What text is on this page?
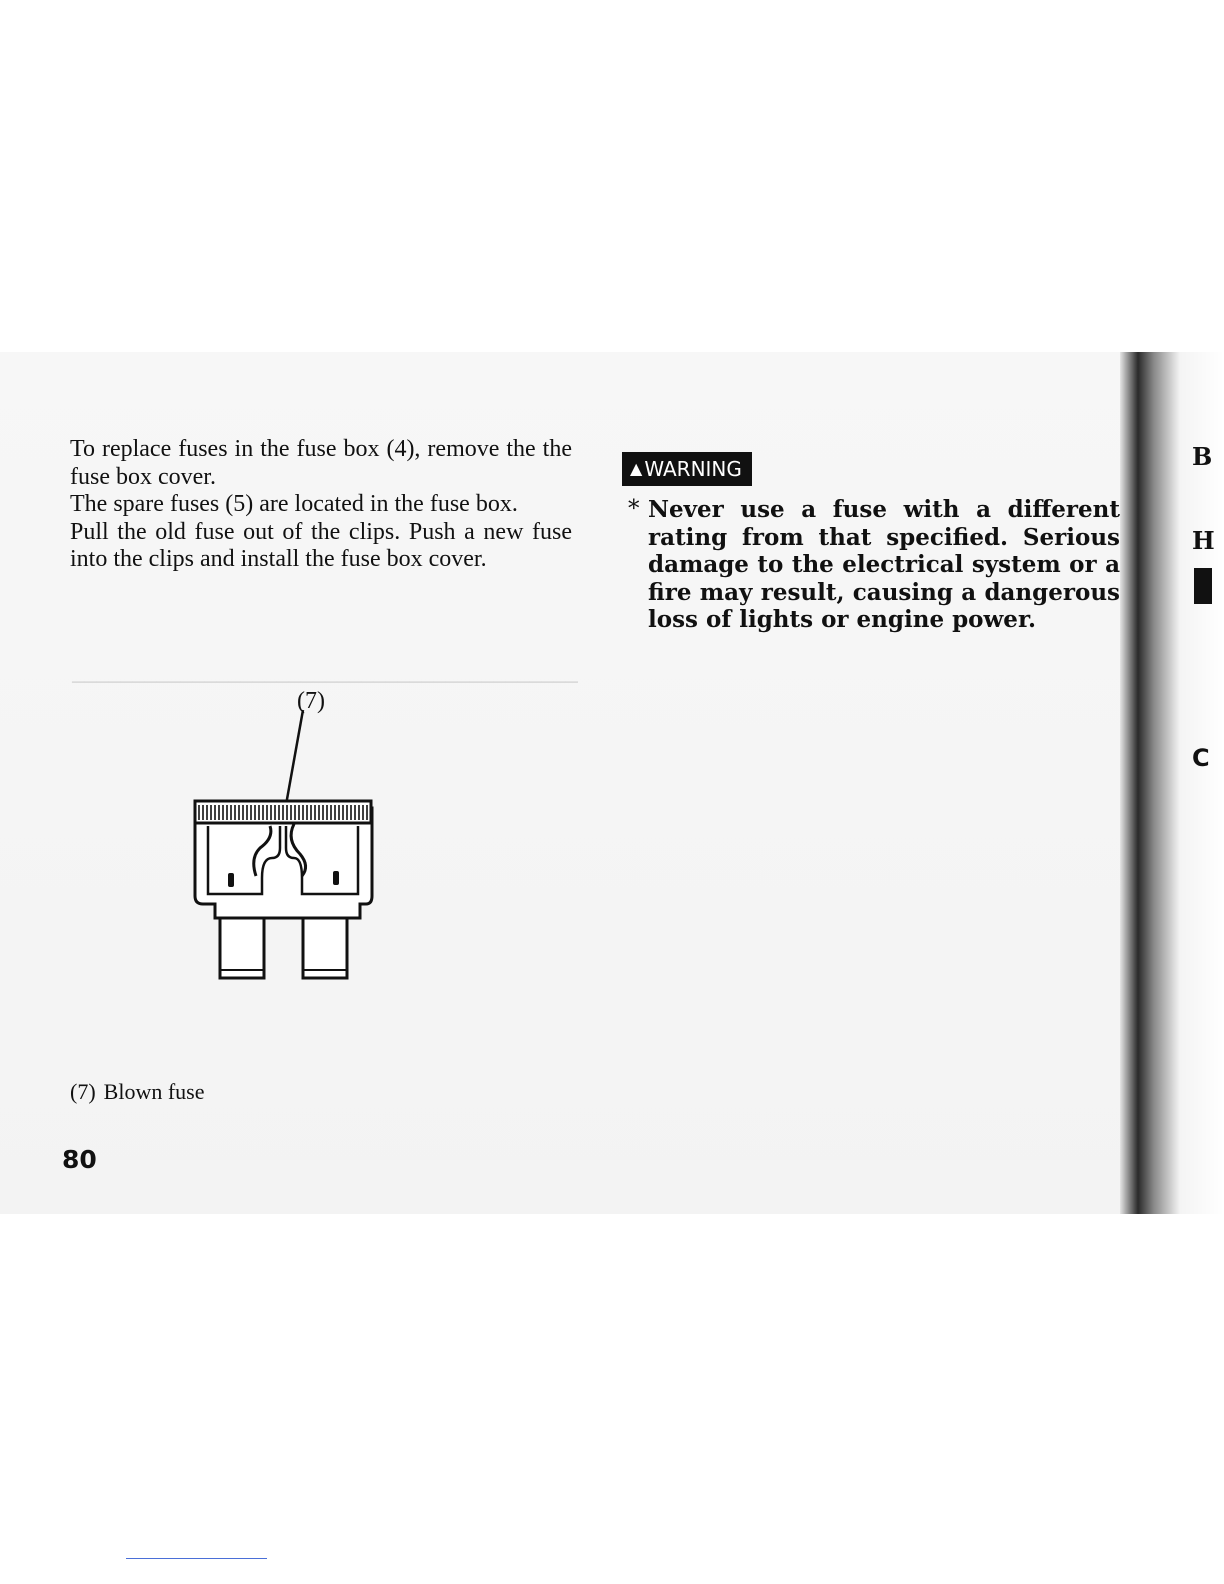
──────────────────────────────────────────

B
H
C

To replace fuses in the fuse box (4), remove the the fuse box cover.

The spare fuses (5) are located in the fuse box.

Pull the old fuse out of the clips. Push a new fuse into the clips and install the fuse box cover.

(7)
(7) Blown fuse
80
▲ WARNING
* Never use a fuse with a different rating from that specified. Serious damage to the electrical system or a fire may result, causing a dangerous loss of lights or engine power.
